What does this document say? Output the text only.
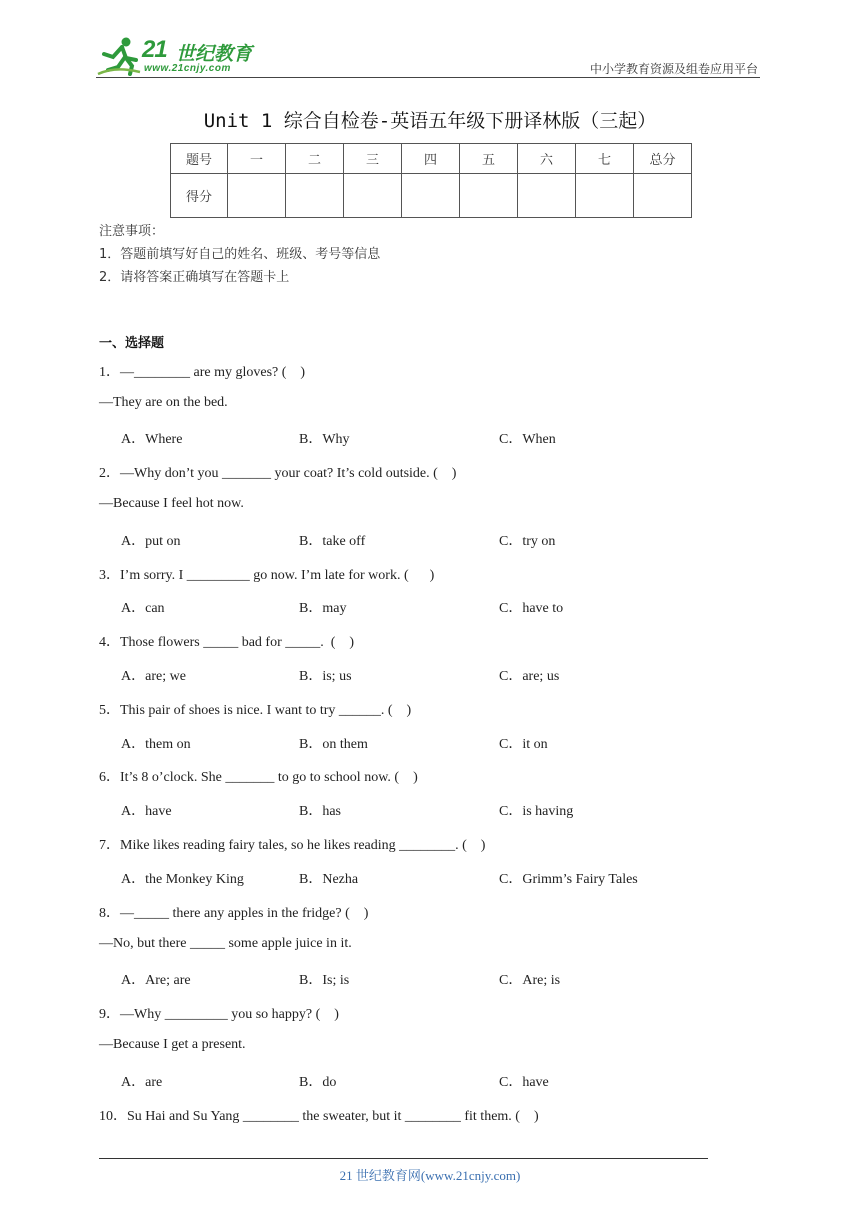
21 世纪教育
www.21cnjy.com	中小学教育资源及组卷应用平台
Unit 1 综合自检卷-英语五年级下册译林版（三起）
题号	一	二	三	四	五	六	七	总分
得分								
注意事项：
1．答题前填写好自己的姓名、班级、考号等信息
2．请将答案正确填写在答题卡上
一、选择题
1．—________ are my gloves? (    )
—They are on the bed.
A．Where	B．Why	C．When
2．—Why don’t you _______ your coat? It’s cold outside. (    )
—Because I feel hot now.
A．put on	B．take off	C．try on
3．I’m sorry. I _________ go now. I’m late for work. (      )
A．can	B．may	C．have to
4．Those flowers _____ bad for _____.  (    )
A．are; we	B．is; us	C．are; us
5．This pair of shoes is nice. I want to try ______. (    )
A．them on	B．on them	C．it on
6．It’s 8 o’clock. She _______ to go to school now. (    )
A．have	B．has	C．is having
7．Mike likes reading fairy tales, so he likes reading ________. (    )
A．the Monkey King	B．Nezha	C．Grimm’s Fairy Tales
8．—_____ there any apples in the fridge? (    )
—No, but there _____ some apple juice in it.
A．Are; are	B．Is; is	C．Are; is
9．—Why _________ you so happy? (    )
—Because I get a present.
A．are	B．do	C．have
10．Su Hai and Su Yang ________ the sweater, but it ________ fit them. (    )
21 世纪教育网(www.21cnjy.com)
